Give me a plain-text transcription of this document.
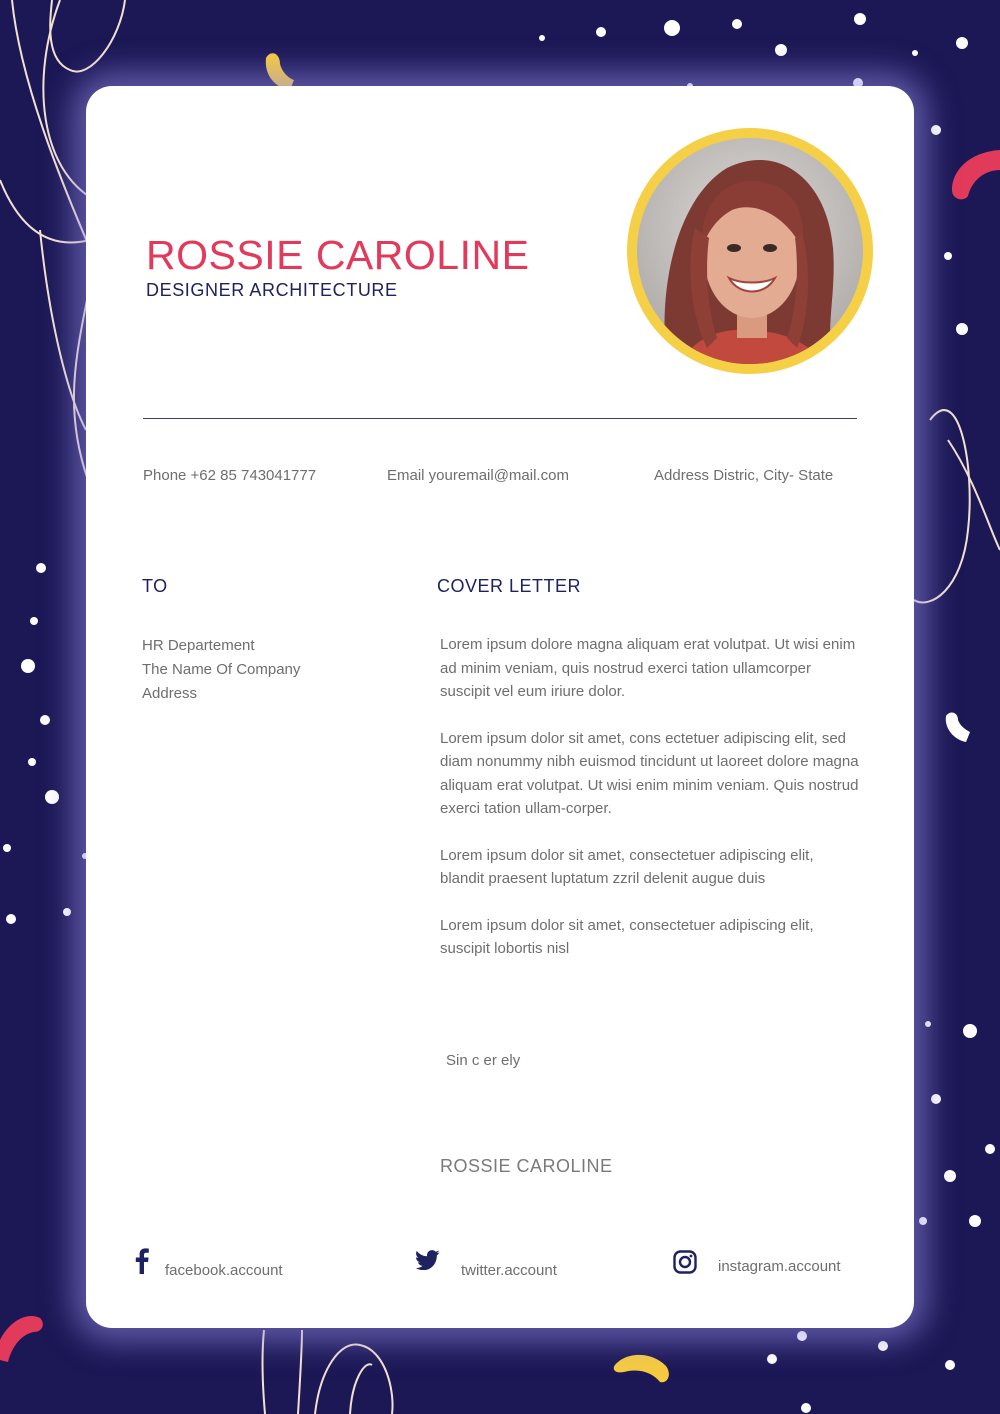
ROSSIE CAROLINE
DESIGNER ARCHITECTURE
Phone +62 85 743041777	Email youremail@mail.com	Address Distric, City- State
TO
HR Departement
The Name Of Company
Address
COVER LETTER

Lorem ipsum dolore magna aliquam erat volutpat. Ut wisi enim ad minim veniam, quis nostrud exerci tation ullamcorper suscipit vel eum iriure dolor.

Lorem ipsum dolor sit amet, cons ectetuer adipiscing elit, sed diam nonummy nibh euismod tincidunt ut laoreet dolore magna aliquam erat volutpat. Ut wisi enim minim veniam. Quis nostrud exerci tation ullam-corper.

Lorem ipsum dolor sit amet, consectetuer adipiscing elit, blandit praesent luptatum zzril delenit augue duis

Lorem ipsum dolor sit amet, consectetuer adipiscing elit, suscipit lobortis nisl

Sin c er ely
ROSSIE CAROLINE
facebook.account	twitter.account	instagram.account
